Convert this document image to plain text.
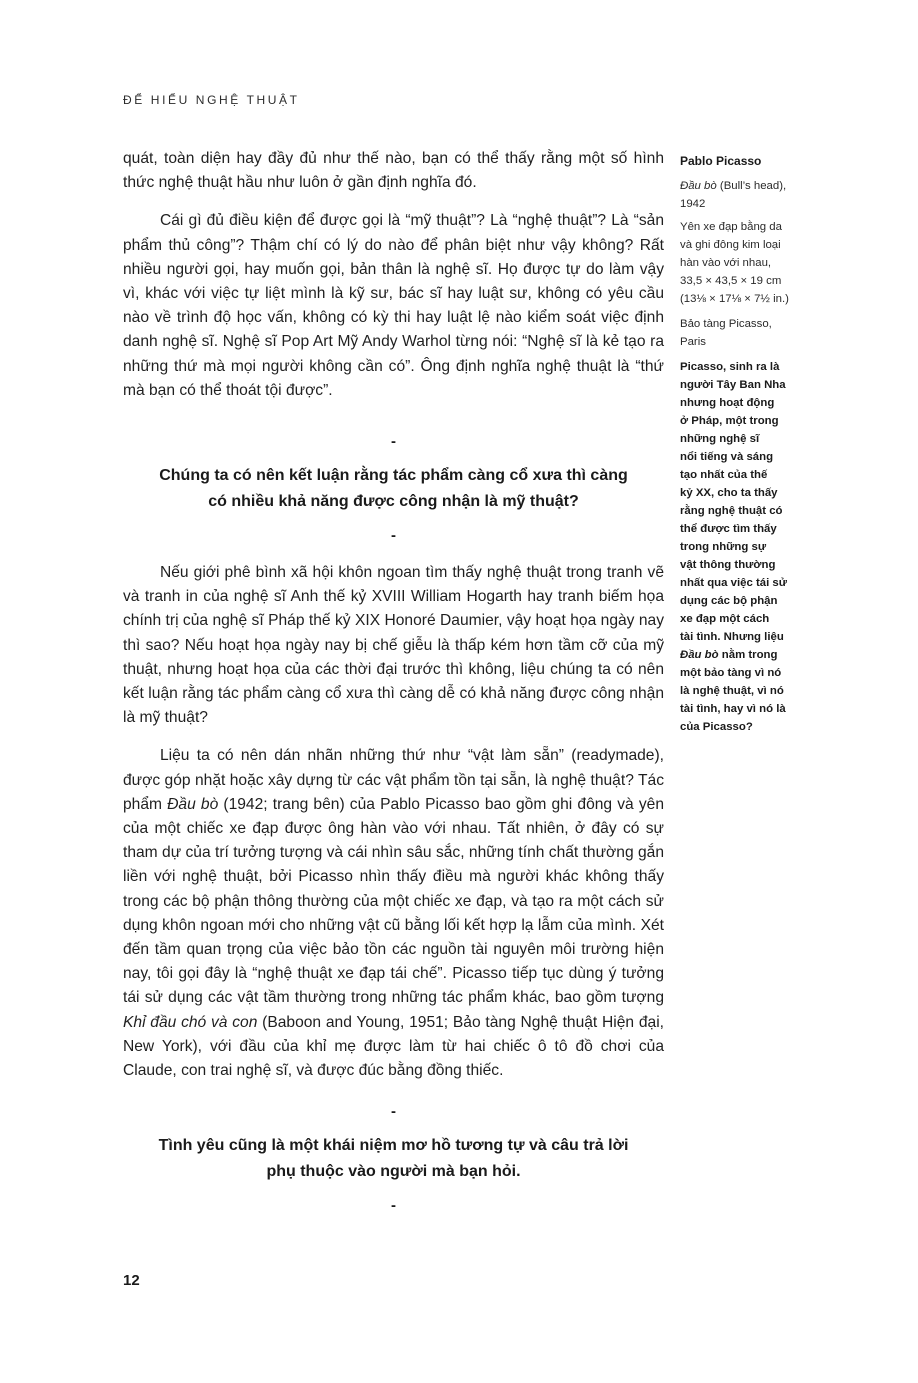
ĐỂ HIỂU NGHỆ THUẬT

quát, toàn diện hay đầy đủ như thế nào, bạn có thể thấy rằng một số hình thức nghệ thuật hầu như luôn ở gần định nghĩa đó.

Cái gì đủ điều kiện để được gọi là “mỹ thuật”? Là “nghệ thuật”? Là “sản phẩm thủ công”? Thậm chí có lý do nào để phân biệt như vậy không? Rất nhiều người gọi, hay muốn gọi, bản thân là nghệ sĩ. Họ được tự do làm vậy vì, khác với việc tự liệt mình là kỹ sư, bác sĩ hay luật sư, không có yêu cầu nào về trình độ học vấn, không có kỳ thi hay luật lệ nào kiểm soát việc định danh nghệ sĩ. Nghệ sĩ Pop Art Mỹ Andy Warhol từng nói: “Nghệ sĩ là kẻ tạo ra những thứ mà mọi người không cần có”. Ông định nghĩa nghệ thuật là “thứ mà bạn có thể thoát tội được”.

-

Chúng ta có nên kết luận rằng tác phẩm càng cổ xưa thì càng
có nhiều khả năng được công nhận là mỹ thuật?

-

Nếu giới phê bình xã hội khôn ngoan tìm thấy nghệ thuật trong tranh vẽ và tranh in của nghệ sĩ Anh thế kỷ XVIII William Hogarth hay tranh biếm họa chính trị của nghệ sĩ Pháp thế kỷ XIX Honoré Daumier, vậy hoạt họa ngày nay thì sao? Nếu hoạt họa ngày nay bị chế giễu là thấp kém hơn tầm cỡ của mỹ thuật, nhưng hoạt họa của các thời đại trước thì không, liệu chúng ta có nên kết luận rằng tác phẩm càng cổ xưa thì càng dễ có khả năng được công nhận là mỹ thuật?

Liệu ta có nên dán nhãn những thứ như “vật làm sẵn” (readymade), được góp nhặt hoặc xây dựng từ các vật phẩm tồn tại sẵn, là nghệ thuật? Tác phẩm Đầu bò (1942; trang bên) của Pablo Picasso bao gồm ghi đông và yên của một chiếc xe đạp được ông hàn vào với nhau. Tất nhiên, ở đây có sự tham dự của trí tưởng tượng và cái nhìn sâu sắc, những tính chất thường gắn liền với nghệ thuật, bởi Picasso nhìn thấy điều mà người khác không thấy trong các bộ phận thông thường của một chiếc xe đạp, và tạo ra một cách sử dụng khôn ngoan mới cho những vật cũ bằng lối kết hợp lạ lẫm của mình. Xét đến tầm quan trọng của việc bảo tồn các nguồn tài nguyên môi trường hiện nay, tôi gọi đây là “nghệ thuật xe đạp tái chế”. Picasso tiếp tục dùng ý tưởng tái sử dụng các vật tầm thường trong những tác phẩm khác, bao gồm tượng Khỉ đầu chó và con (Baboon and Young, 1951; Bảo tàng Nghệ thuật Hiện đại, New York), với đầu của khỉ mẹ được làm từ hai chiếc ô tô đồ chơi của Claude, con trai nghệ sĩ, và được đúc bằng đồng thiếc.

-

Tình yêu cũng là một khái niệm mơ hồ tương tự và câu trả lời
phụ thuộc vào người mà bạn hỏi.

-

Pablo Picasso

Đầu bò (Bull’s head),
1942

Yên xe đạp bằng da
và ghi đông kim loại
hàn vào với nhau,
33,5 × 43,5 × 19 cm
(13⅛ × 17⅛ × 7½ in.)

Bảo tàng Picasso,
Paris

Picasso, sinh ra là
người Tây Ban Nha
nhưng hoạt động
ở Pháp, một trong
những nghệ sĩ
nổi tiếng và sáng
tạo nhất của thế
kỷ XX, cho ta thấy
rằng nghệ thuật có
thể được tìm thấy
trong những sự
vật thông thường
nhất qua việc tái sử
dụng các bộ phận
xe đạp một cách
tài tình. Nhưng liệu
Đầu bò nằm trong
một bảo tàng vì nó
là nghệ thuật, vì nó
tài tình, hay vì nó là
của Picasso?

12
